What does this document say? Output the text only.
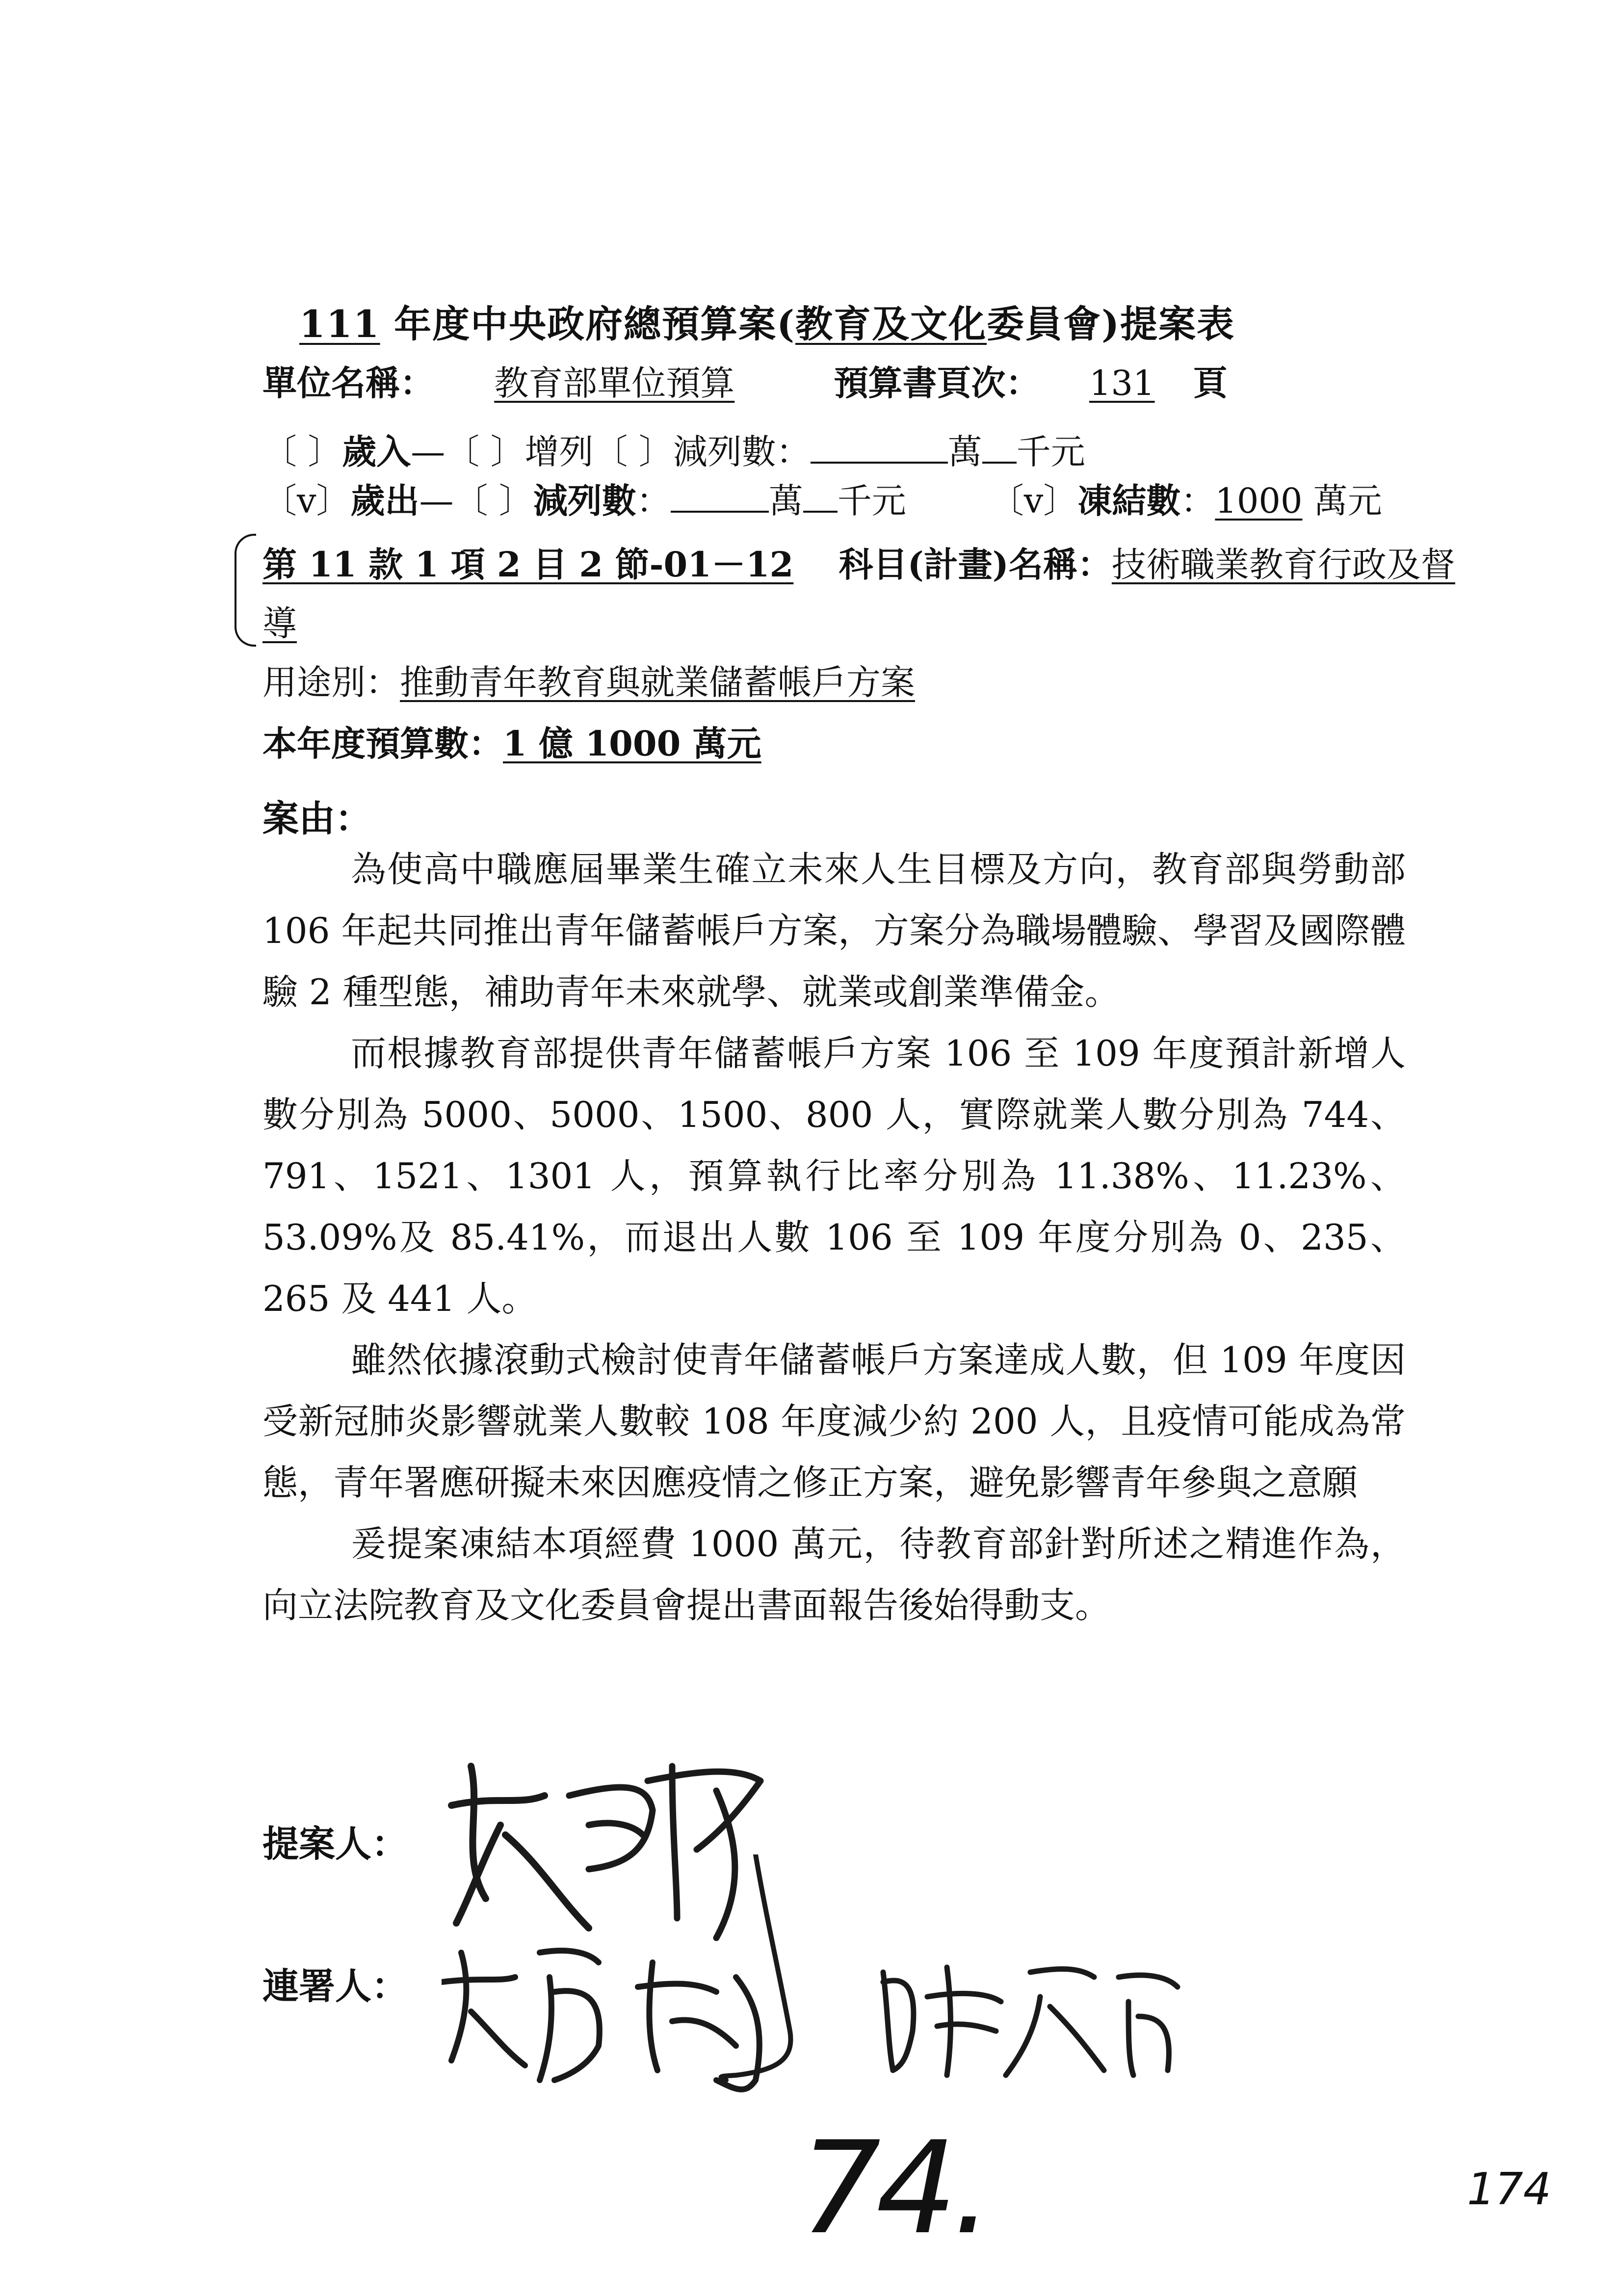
111 年度中央政府總預算案(教育及文化委員會)提案表
單位名稱： 教育部單位預算	預算書頁次： 131 頁
〔 〕歲入—〔 〕增列〔 〕減列數：	萬 千元
〔v〕歲出—〔 〕減列數：	萬 千元 〔v〕凍結數：1000 萬元
第 11 款 1 項 2 目 2 節-01－12 科目(計畫)名稱：技術職業教育行政及督
導
用途別：推動青年教育與就業儲蓄帳戶方案
本年度預算數：1 億 1000 萬元
案由：

為使高中職應屆畢業生確立未來人生目標及方向，教育部與勞動部 106 年起共同推出青年儲蓄帳戶方案，方案分為職場體驗、學習及國際體驗 2 種型態，補助青年未來就學、就業或創業準備金。

而根據教育部提供青年儲蓄帳戶方案 106 至 109 年度預計新增人數分別為 5000、5000、1500、800 人，實際就業人數分別為 744、791、1521、1301 人，預算執行比率分別為 11.38%、11.23%、53.09%及 85.41%，而退出人數 106 至 109 年度分別為 0、235、265 及 441 人。

雖然依據滾動式檢討使青年儲蓄帳戶方案達成人數，但 109 年度因受新冠肺炎影響就業人數較 108 年度減少約 200 人，且疫情可能成為常態，青年署應研擬未來因應疫情之修正方案，避免影響青年參與之意願

爰提案凍結本項經費 1000 萬元，待教育部針對所述之精進作為，向立法院教育及文化委員會提出書面報告後始得動支。

提案人：
連署人：
74.	174
